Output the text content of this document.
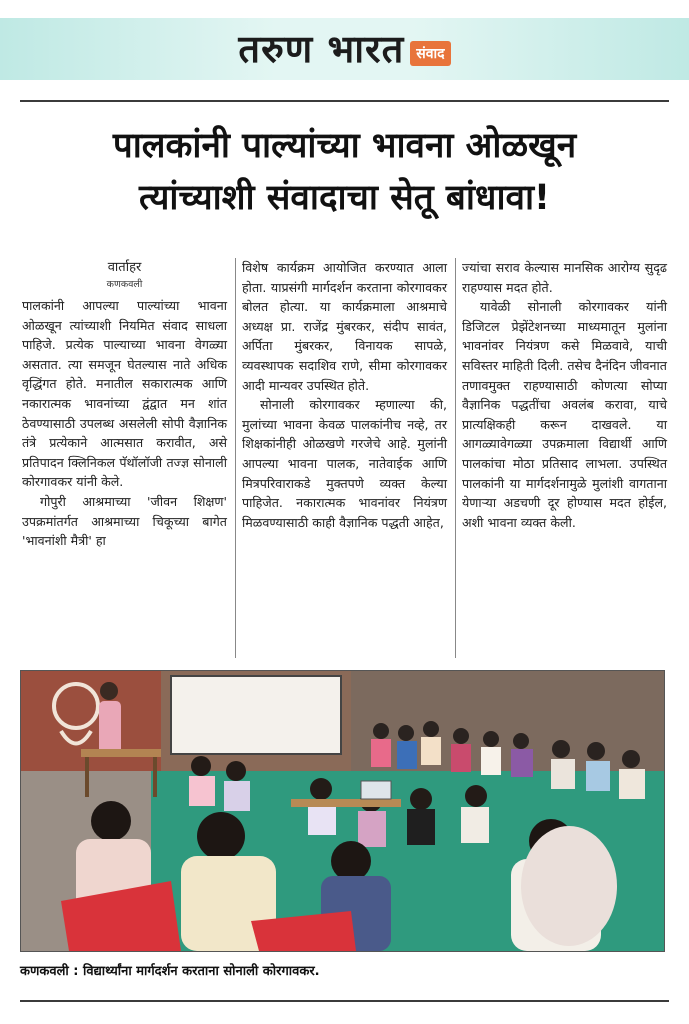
तरुण भारत संवाद
पालकांनी पाल्यांच्या भावना ओळखून
त्यांच्याशी संवादाचा सेतू बांधावा!
वार्ताहर
कणकवली

पालकांनी आपल्या पाल्यांच्या भावना ओळखून त्यांच्याशी नियमित संवाद साधला पाहिजे. प्रत्येक पाल्याच्या भावना वेगळ्या असतात. त्या समजून घेतल्यास नाते अधिक वृद्धिंगत होते. मनातील सकारात्मक आणि नकारात्मक भावनांच्या द्वंद्वात मन शांत ठेवण्यासाठी उपलब्ध असलेली सोपी वैज्ञानिक तंत्रे प्रत्येकाने आत्मसात करावीत, असे प्रतिपादन क्लिनिकल पॅथॉलॉजी तज्ज्ञ सोनाली कोरगावकर यांनी केले.

गोपुरी आश्रमाच्या 'जीवन शिक्षण' उपक्रमांतर्गत आश्रमाच्या चिकूच्या बागेत 'भावनांशी मैत्री' हा

विशेष कार्यक्रम आयोजित करण्यात आला होता. याप्रसंगी मार्गदर्शन करताना कोरगावकर बोलत होत्या. या कार्यक्रमाला आश्रमाचे अध्यक्ष प्रा. राजेंद्र मुंबरकर, संदीप सावंत, अर्पिता मुंबरकर, विनायक सापळे, व्यवस्थापक सदाशिव राणे, सीमा कोरगावकर आदी मान्यवर उपस्थित होते.

सोनाली कोरगावकर म्हणाल्या की, मुलांच्या भावना केवळ पालकांनीच नव्हे, तर शिक्षकांनीही ओळखणे गरजेचे आहे. मुलांनी आपल्या भावना पालक, नातेवाईक आणि मित्रपरिवाराकडे मुक्तपणे व्यक्त केल्या पाहिजेत. नकारात्मक भावनांवर नियंत्रण मिळवण्यासाठी काही वैज्ञानिक पद्धती आहेत,

ज्यांचा सराव केल्यास मानसिक आरोग्य सुदृढ राहण्यास मदत होते.

यावेळी सोनाली कोरगावकर यांनी डिजिटल प्रेझेंटेशनच्या माध्यमातून मुलांना भावनांवर नियंत्रण कसे मिळवावे, याची सविस्तर माहिती दिली. तसेच दैनंदिन जीवनात तणावमुक्त राहण्यासाठी कोणत्या सोप्या वैज्ञानिक पद्धतींचा अवलंब करावा, याचे प्रात्यक्षिकही करून दाखवले. या आगळ्यावेगळ्या उपक्रमाला विद्यार्थी आणि पालकांचा मोठा प्रतिसाद लाभला. उपस्थित पालकांनी या मार्गदर्शनामुळे मुलांशी वागताना येणाऱ्या अडचणी दूर होण्यास मदत होईल, अशी भावना व्यक्त केली.

कणकवली : विद्यार्थ्यांना मार्गदर्शन करताना सोनाली कोरगावकर.
